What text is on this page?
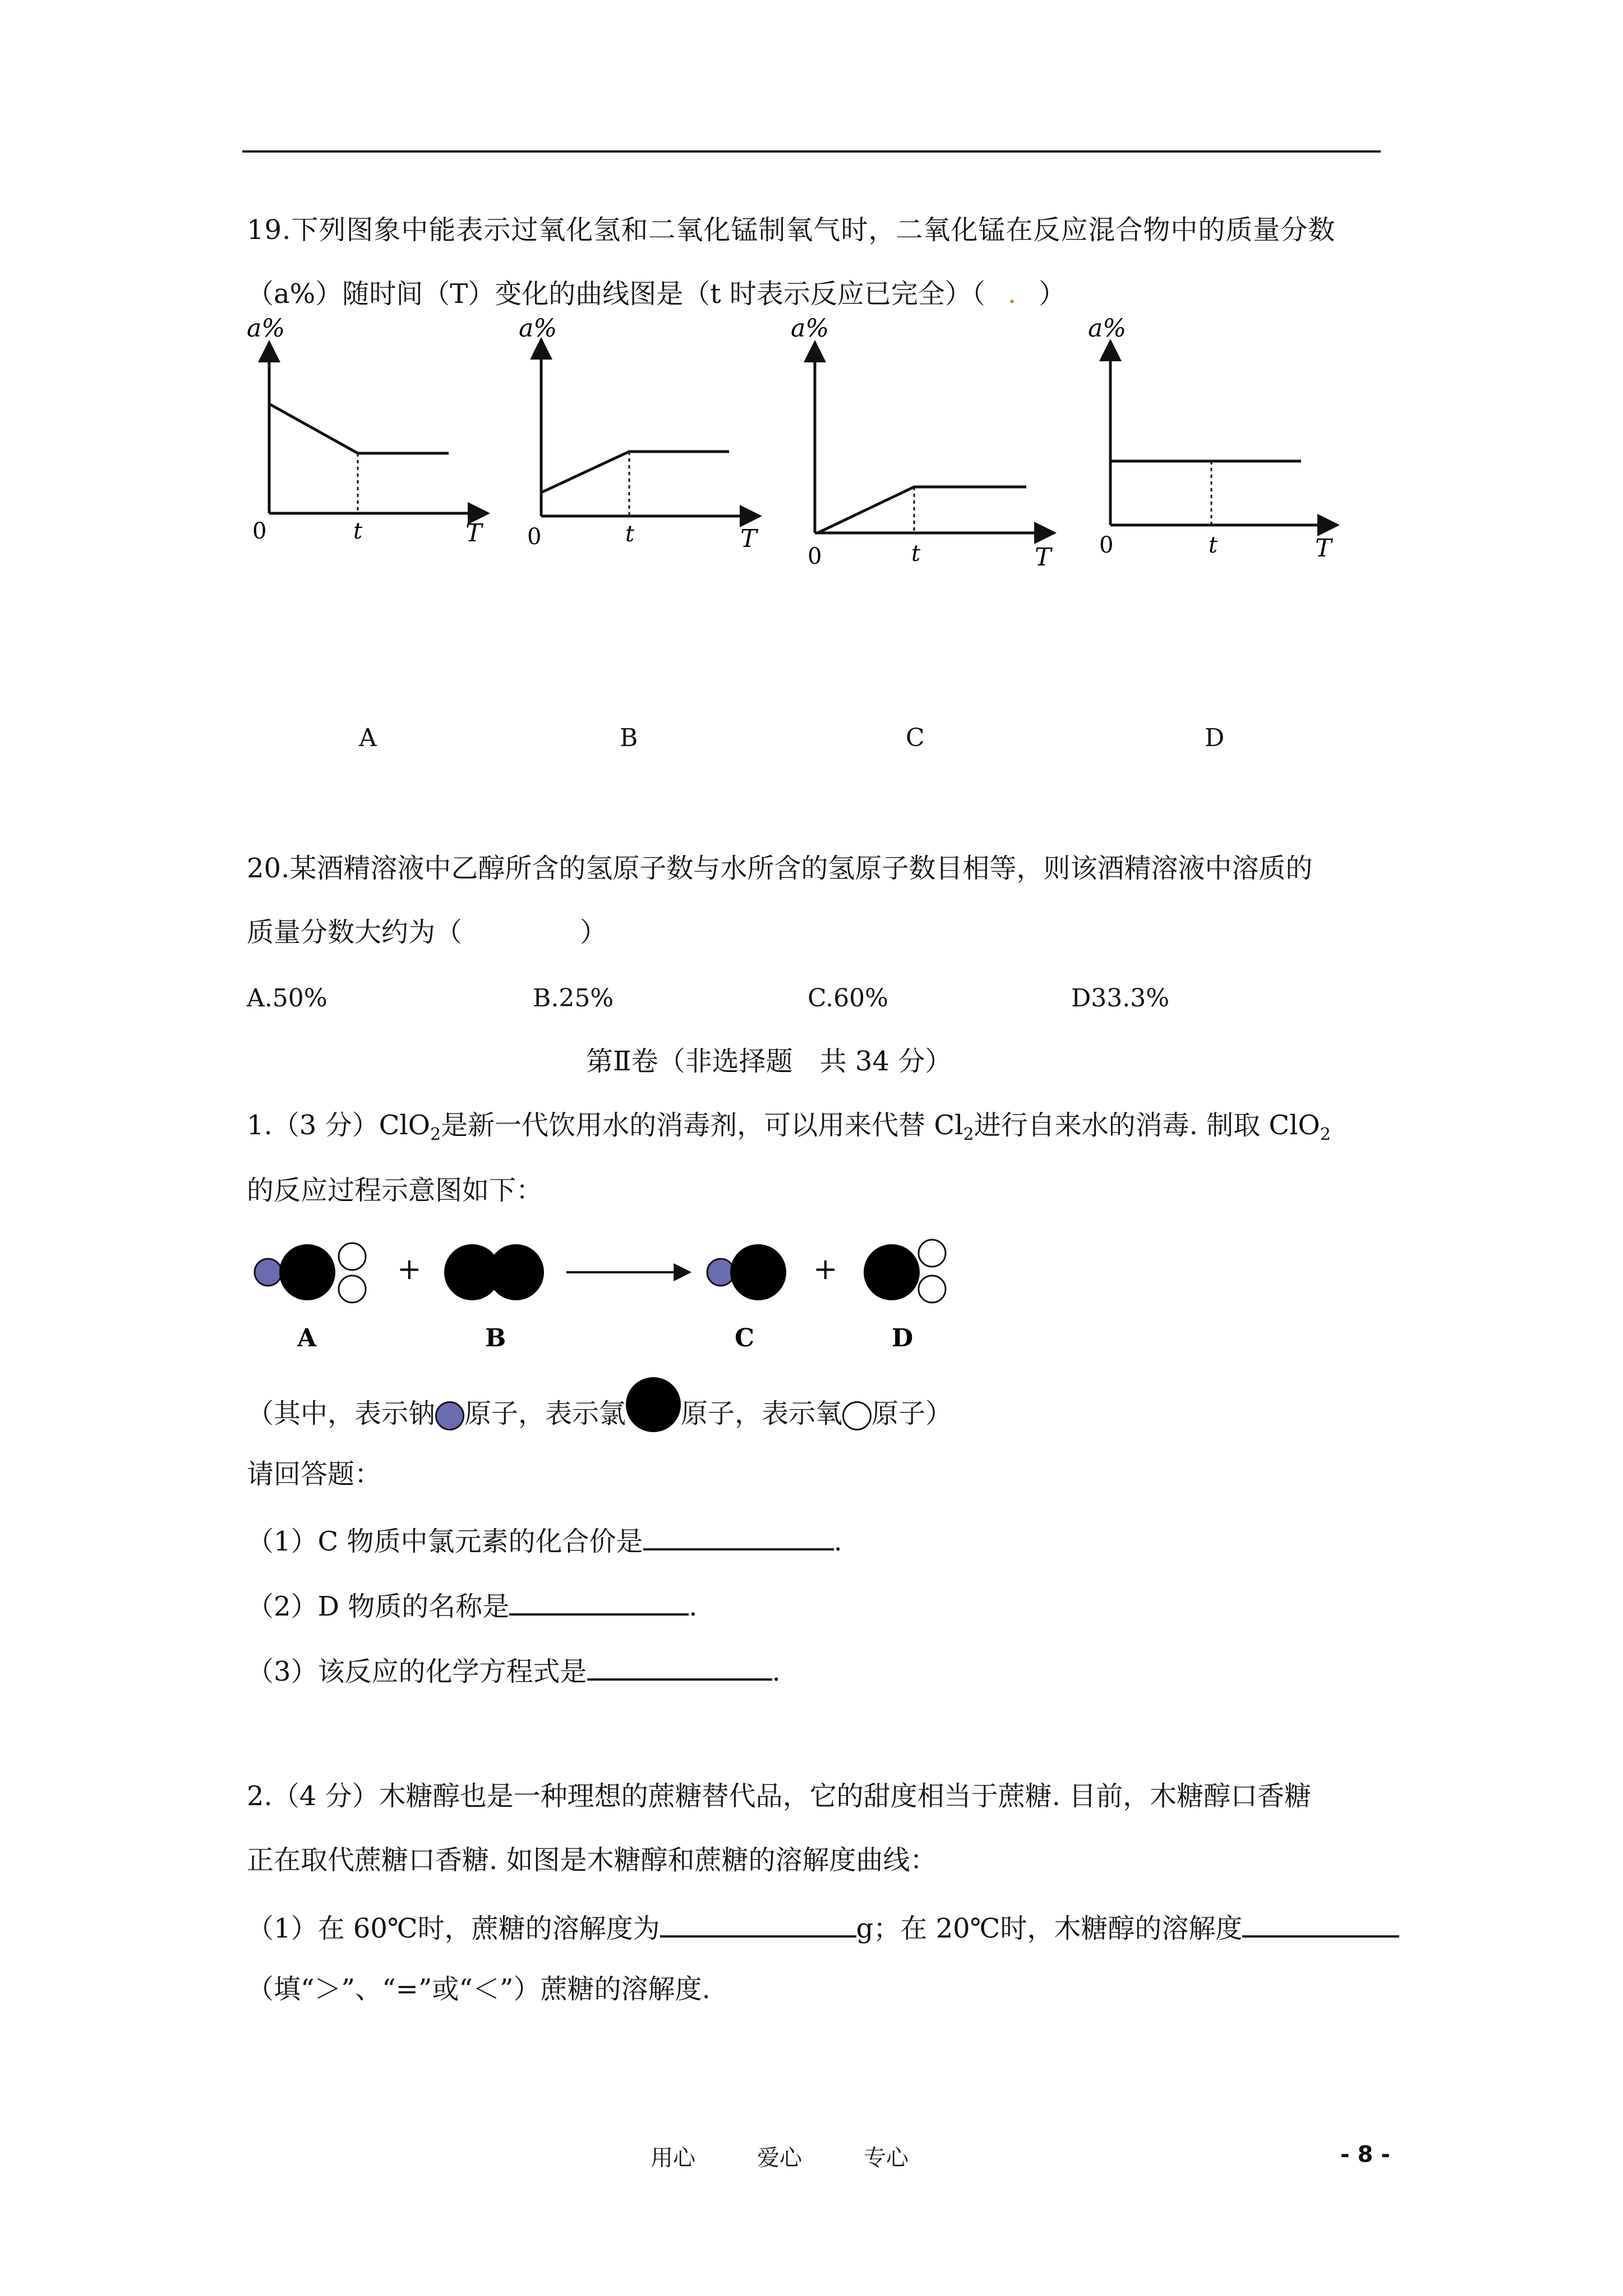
19.下列图象中能表示过氧化氢和二氧化锰制氧气时，二氧化锰在反应混合物中的质量分数
（a%）随时间（T）变化的曲线图是（t 时表示反应已完全）（ . ）
a%
0	t	T
a%
0	t	T
a%
0	t	T
a%
0	t	T
A	B	C	D
20.某酒精溶液中乙醇所含的氢原子数与水所含的氢原子数目相等，则该酒精溶液中溶质的
质量分数大约为（	）
A.50%	B.25%	C.60%	D33.3%
第Ⅱ卷（非选择题　共 34 分）
1.（3 分）ClO$_2$是新一代饮用水的消毒剂，可以用来代替 $Cl_2$进行自来水的消毒. 制取 ClO$_2$
的反应过程示意图如下：
+	+
A	B	C	D
（其中，表示钠 原子，表示氯 原子，表示氧 原子）
请回答题：
（1）C 物质中氯元素的化合价是	.
（2）D 物质的名称是	.
（3）该反应的化学方程式是	.
2.（4 分）木糖醇也是一种理想的蔗糖替代品，它的甜度相当于蔗糖. 目前，木糖醇口香糖
正在取代蔗糖口香糖. 如图是木糖醇和蔗糖的溶解度曲线：
（1）在 60℃时，蔗糖的溶解度为	g；在 20℃时，木糖醇的溶解度
（填“＞”、“=”或“＜”）蔗糖的溶解度.
用心	爱心	专心	- 8 -
